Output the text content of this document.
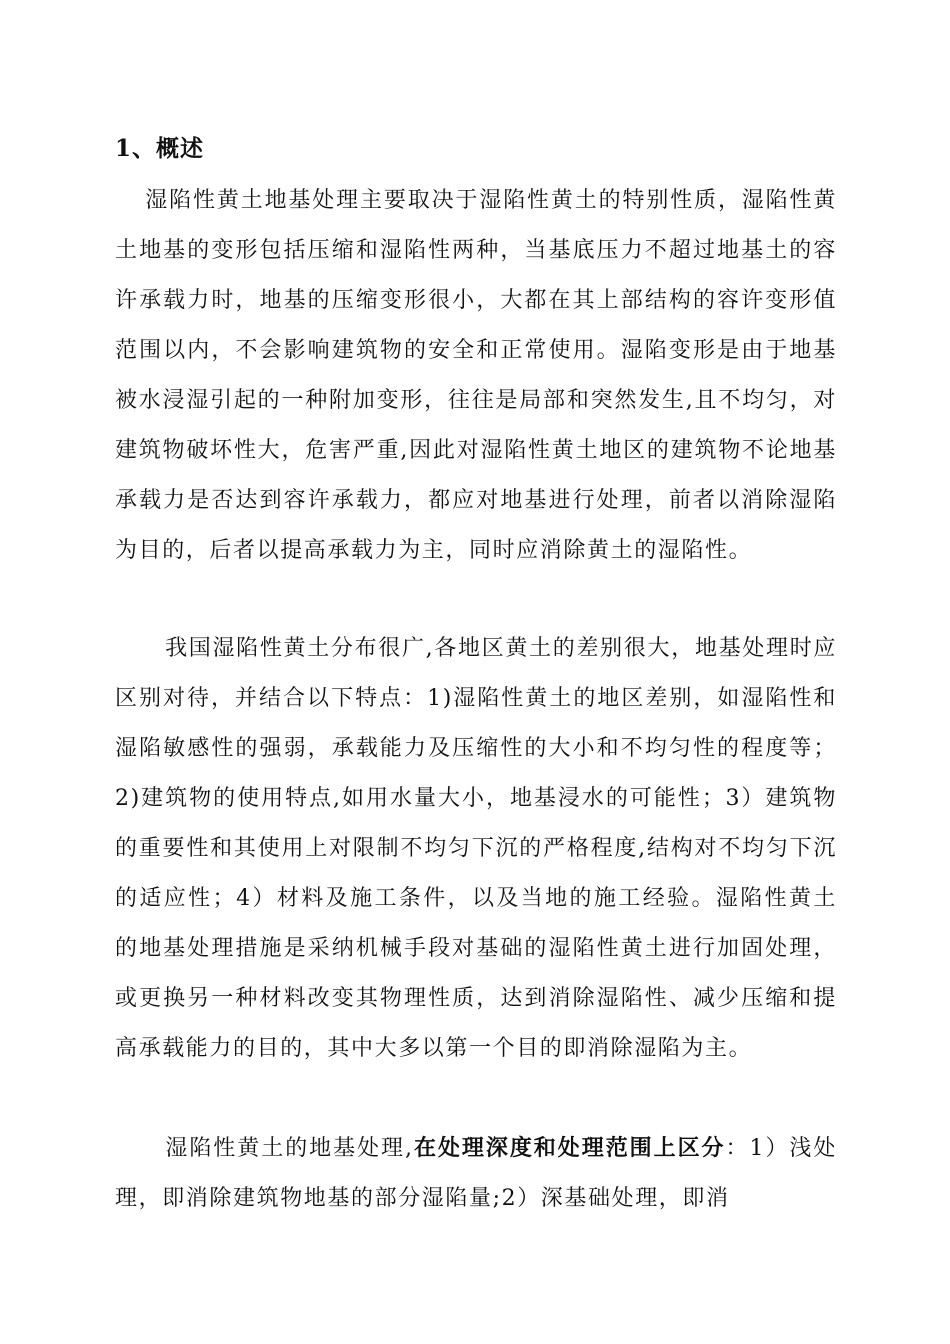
1、概述

湿陷性黄土地基处理主要取决于湿陷性黄土的特别性质，湿陷性黄土地基的变形包括压缩和湿陷性两种，当基底压力不超过地基土的容许承载力时，地基的压缩变形很小，大都在其上部结构的容许变形值范围以内，不会影响建筑物的安全和正常使用。湿陷变形是由于地基被水浸湿引起的一种附加变形，往往是局部和突然发生,且不均匀，对建筑物破坏性大，危害严重,因此对湿陷性黄土地区的建筑物不论地基承载力是否达到容许承载力，都应对地基进行处理，前者以消除湿陷为目的，后者以提高承载力为主，同时应消除黄土的湿陷性。

我国湿陷性黄土分布很广,各地区黄土的差别很大，地基处理时应区别对待，并结合以下特点：1)湿陷性黄土的地区差别，如湿陷性和湿陷敏感性的强弱，承载能力及压缩性的大小和不均匀性的程度等；2)建筑物的使用特点,如用水量大小，地基浸水的可能性；3）建筑物的重要性和其使用上对限制不均匀下沉的严格程度,结构对不均匀下沉的适应性；4）材料及施工条件，以及当地的施工经验。湿陷性黄土的地基处理措施是采纳机械手段对基础的湿陷性黄土进行加固处理，或更换另一种材料改变其物理性质，达到消除湿陷性、减少压缩和提高承载能力的目的，其中大多以第一个目的即消除湿陷为主。

湿陷性黄土的地基处理,在处理深度和处理范围上区分：1）浅处理，即消除建筑物地基的部分湿陷量;2）深基础处理，即消
